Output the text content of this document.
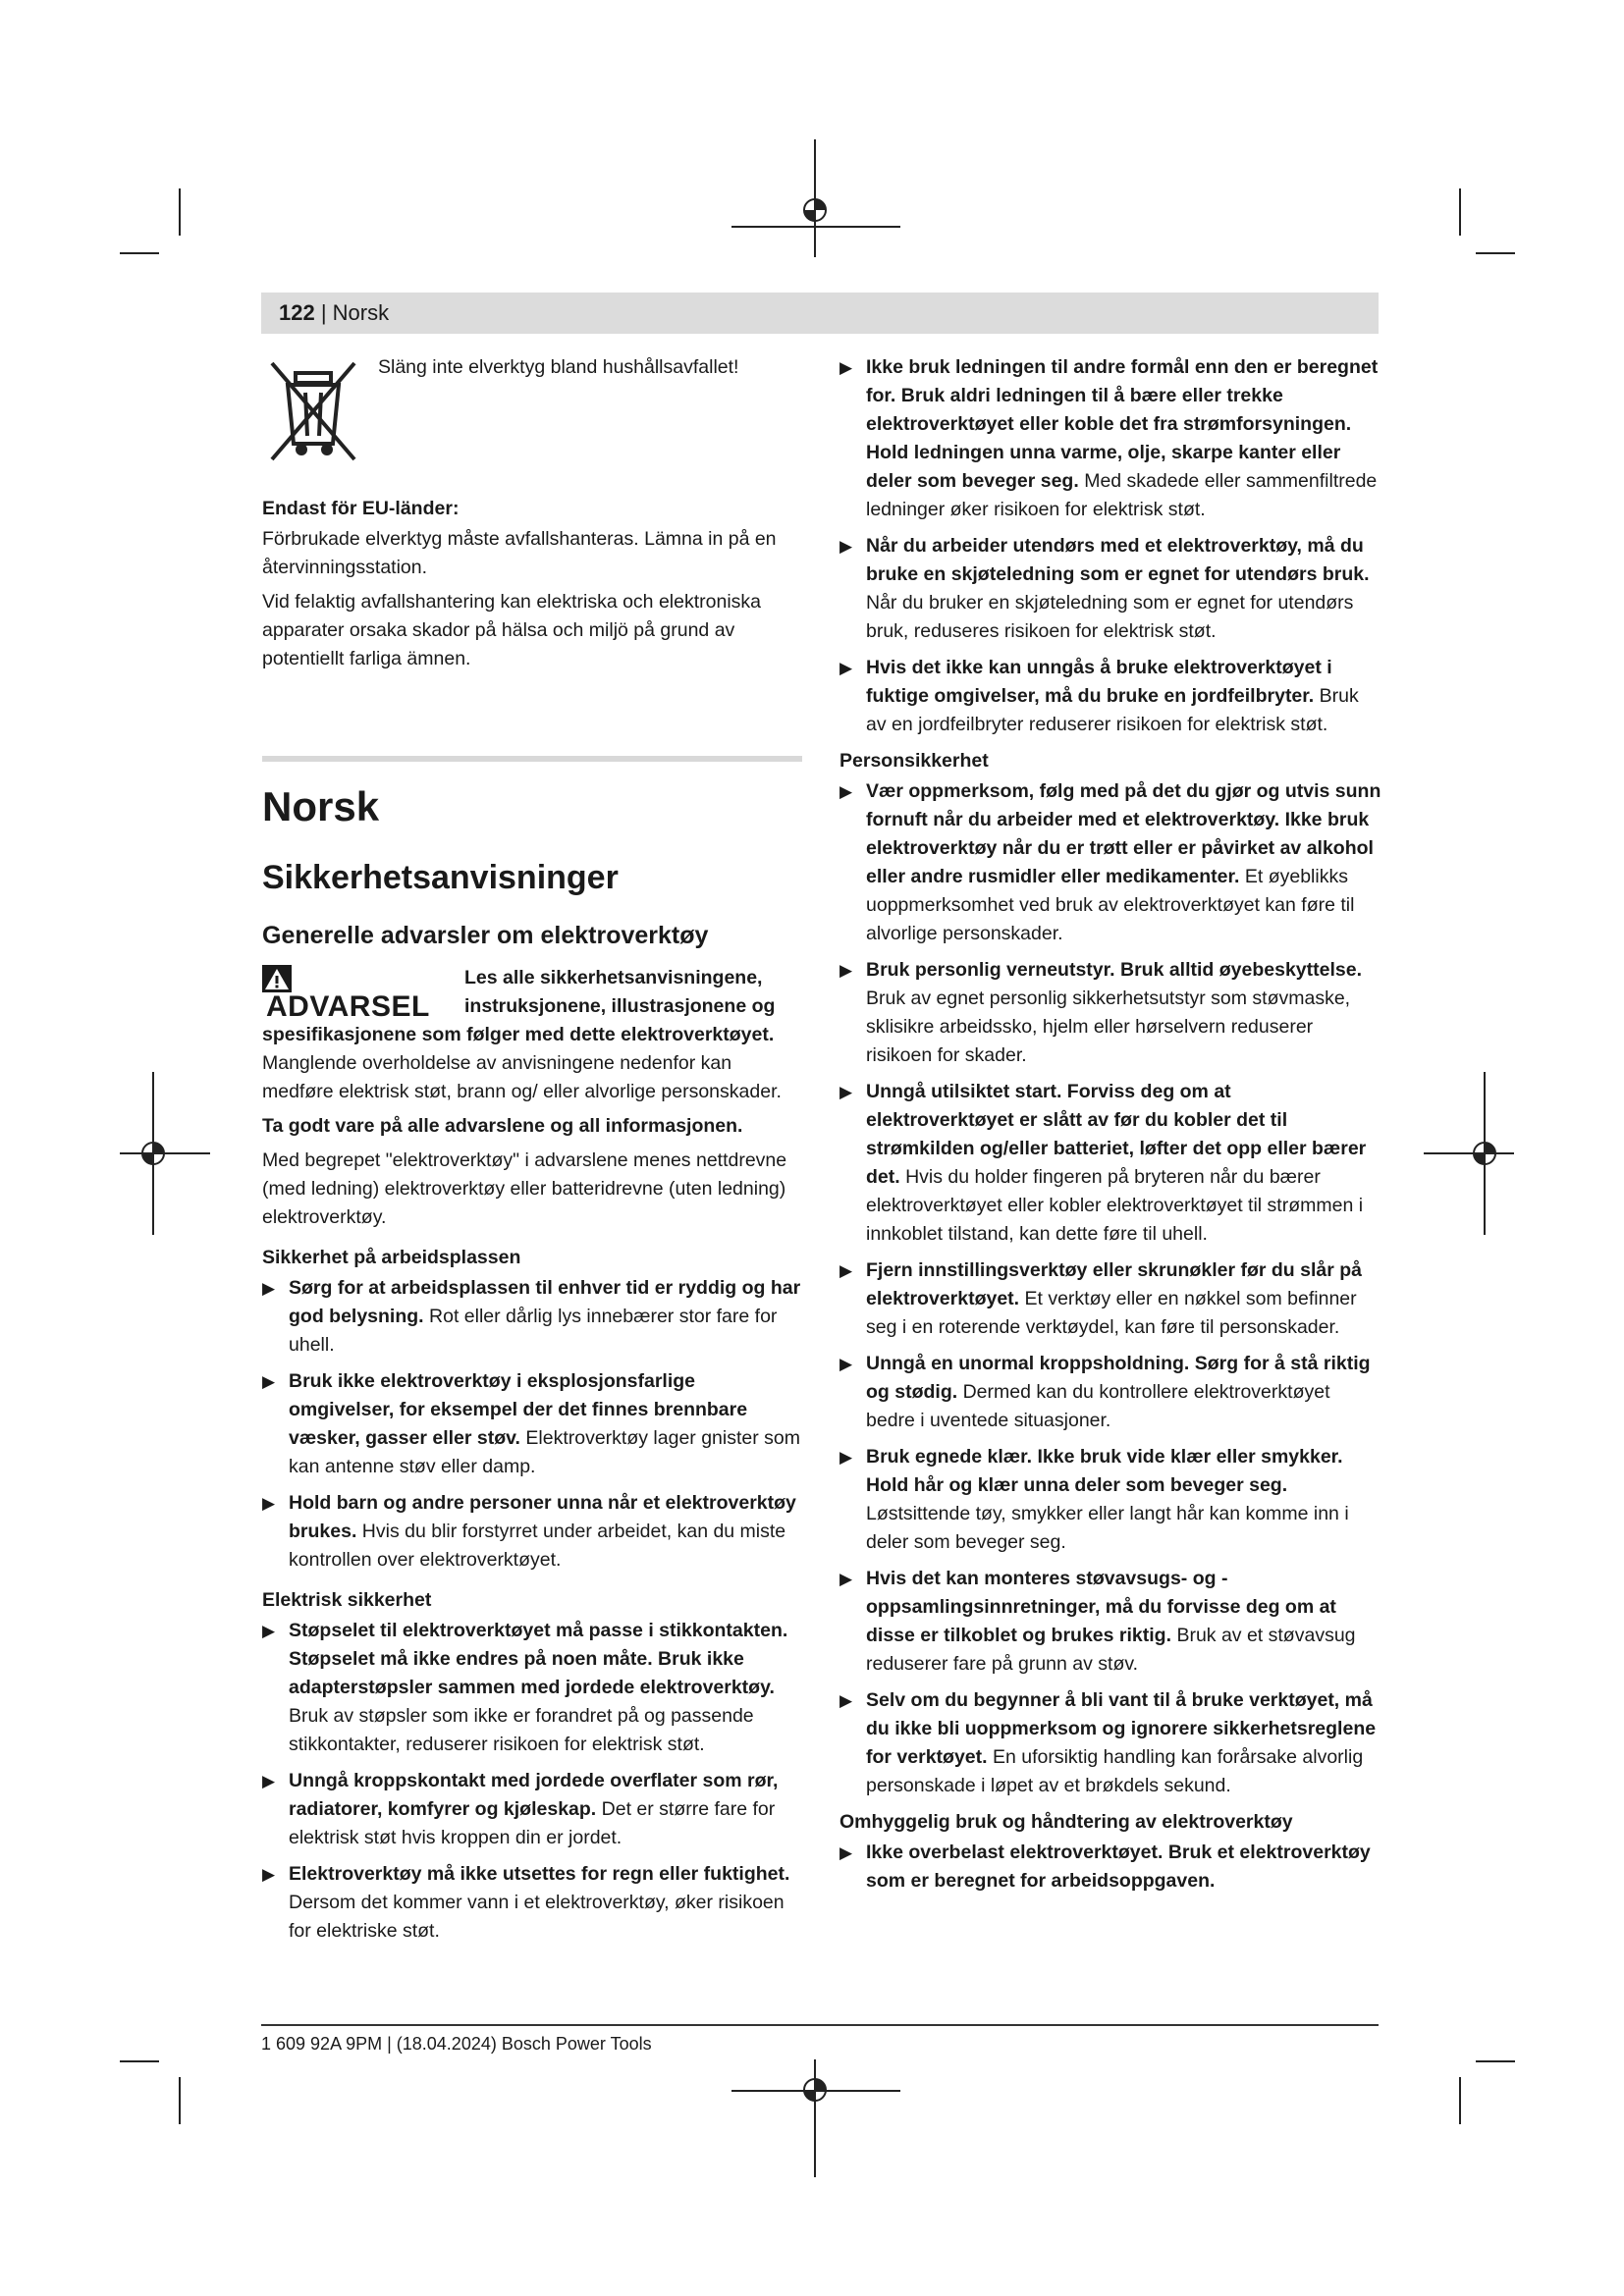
122 | Norsk
Släng inte elverktyg bland hushållsavfallet!

Endast för EU-länder:

Förbrukade elverktyg måste avfallshanteras. Lämna in på en återvinningsstation.

Vid felaktig avfallshantering kan elektriska och elektroniska apparater orsaka skador på hälsa och miljö på grund av potentiellt farliga ämnen.

Norsk
Sikkerhetsanvisninger
Generelle advarsler om elektroverktøy
ADVARSEL

Les alle sikkerhetsanvisningene, instruksjonene, illustrasjonene og spesifikasjonene som følger med dette elektroverktøyet. Manglende overholdelse av anvisningene nedenfor kan medføre elektrisk støt, brann og/ eller alvorlige personskader.

Ta godt vare på alle advarslene og all informasjonen.

Med begrepet "elektroverktøy" i advarslene menes nettdrevne (med ledning) elektroverktøy eller batteridrevne (uten ledning) elektroverktøy.

Sikkerhet på arbeidsplassen

▶ Sørg for at arbeidsplassen til enhver tid er ryddig og har god belysning. Rot eller dårlig lys innebærer stor fare for uhell.
▶ Bruk ikke elektroverktøy i eksplosjonsfarlige omgivelser, for eksempel der det finnes brennbare væsker, gasser eller støv. Elektroverktøy lager gnister som kan antenne støv eller damp.
▶ Hold barn og andre personer unna når et elektroverktøy brukes. Hvis du blir forstyrret under arbeidet, kan du miste kontrollen over elektroverktøyet.

Elektrisk sikkerhet

▶ Støpselet til elektroverktøyet må passe i stikkontakten. Støpselet må ikke endres på noen måte. Bruk ikke adapterstøpsler sammen med jordede elektroverktøy. Bruk av støpsler som ikke er forandret på og passende stikkontakter, reduserer risikoen for elektrisk støt.
▶ Unngå kroppskontakt med jordede overflater som rør, radiatorer, komfyrer og kjøleskap. Det er større fare for elektrisk støt hvis kroppen din er jordet.
▶ Elektroverktøy må ikke utsettes for regn eller fuktighet. Dersom det kommer vann i et elektroverktøy, øker risikoen for elektriske støt.
▶ Ikke bruk ledningen til andre formål enn den er beregnet for. Bruk aldri ledningen til å bære eller trekke elektroverktøyet eller koble det fra strømforsyningen. Hold ledningen unna varme, olje, skarpe kanter eller deler som beveger seg. Med skadede eller sammenfiltrede ledninger øker risikoen for elektrisk støt.
▶ Når du arbeider utendørs med et elektroverktøy, må du bruke en skjøteledning som er egnet for utendørs bruk. Når du bruker en skjøteledning som er egnet for utendørs bruk, reduseres risikoen for elektrisk støt.
▶ Hvis det ikke kan unngås å bruke elektroverktøyet i fuktige omgivelser, må du bruke en jordfeilbryter. Bruk av en jordfeilbryter reduserer risikoen for elektrisk støt.

Personsikkerhet

▶ Vær oppmerksom, følg med på det du gjør og utvis sunn fornuft når du arbeider med et elektroverktøy. Ikke bruk elektroverktøy når du er trøtt eller er påvirket av alkohol eller andre rusmidler eller medikamenter. Et øyeblikks uoppmerksomhet ved bruk av elektroverktøyet kan føre til alvorlige personskader.
▶ Bruk personlig verneutstyr. Bruk alltid øyebeskyttelse. Bruk av egnet personlig sikkerhetsutstyr som støvmaske, sklisikre arbeidssko, hjelm eller hørselvern reduserer risikoen for skader.
▶ Unngå utilsiktet start. Forviss deg om at elektroverktøyet er slått av før du kobler det til strømkilden og/eller batteriet, løfter det opp eller bærer det. Hvis du holder fingeren på bryteren når du bærer elektroverktøyet eller kobler elektroverktøyet til strømmen i innkoblet tilstand, kan dette føre til uhell.
▶ Fjern innstillingsverktøy eller skrunøkler før du slår på elektroverktøyet. Et verktøy eller en nøkkel som befinner seg i en roterende verktøydel, kan føre til personskader.
▶ Unngå en unormal kroppsholdning. Sørg for å stå riktig og stødig. Dermed kan du kontrollere elektroverktøyet bedre i uventede situasjoner.
▶ Bruk egnede klær. Ikke bruk vide klær eller smykker. Hold hår og klær unna deler som beveger seg. Løstsittende tøy, smykker eller langt hår kan komme inn i deler som beveger seg.
▶ Hvis det kan monteres støvavsugs- og -oppsamlingsinnretninger, må du forvisse deg om at disse er tilkoblet og brukes riktig. Bruk av et støvavsug reduserer fare på grunn av støv.
▶ Selv om du begynner å bli vant til å bruke verktøyet, må du ikke bli uoppmerksom og ignorere sikkerhetsreglene for verktøyet. En uforsiktig handling kan forårsake alvorlig personskade i løpet av et brøkdels sekund.

Omhyggelig bruk og håndtering av elektroverktøy

▶ Ikke overbelast elektroverktøyet. Bruk et elektroverktøy som er beregnet for arbeidsoppgaven.
1 609 92A 9PM | (18.04.2024) Bosch Power Tools
